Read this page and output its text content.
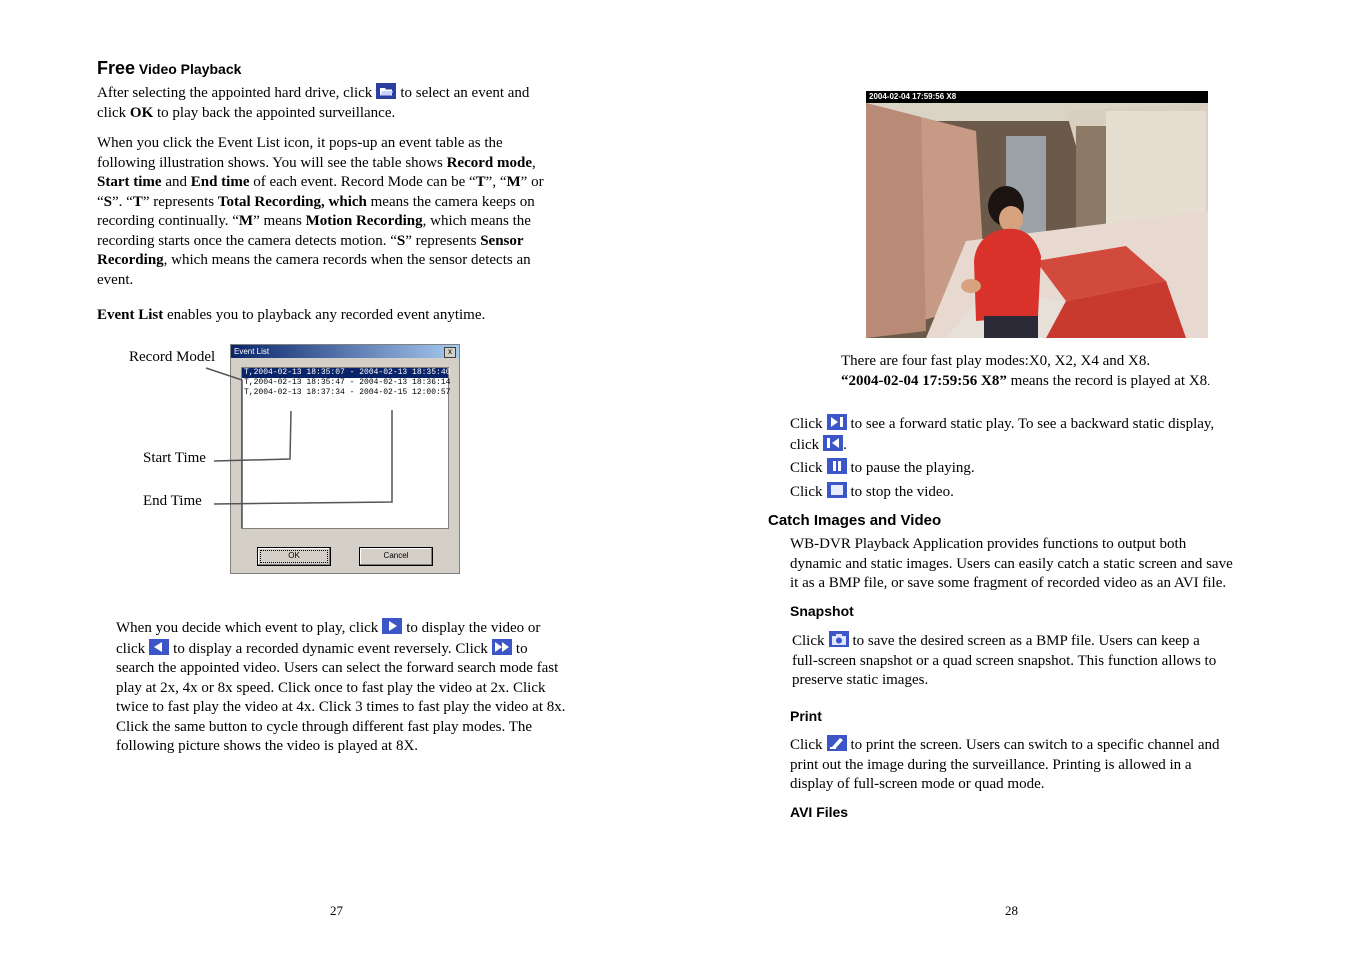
Free Video Playback

After selecting the appointed hard drive, click to select an event and

click OK to play back the appointed surveillance.

When you click the Event List icon, it pops-up an event table as the

following illustration shows. You will see the table shows Record mode,

Start time and End time of each event. Record Mode can be “T”, “M” or

“S”. “T” represents Total Recording, which means the camera keeps on

recording continually. “M” means Motion Recording, which means the

recording starts once the camera detects motion. “S” represents Sensor

Recording, which means the camera records when the sensor detects an

event.

Event List enables you to playback any recorded event anytime.

Record Model
Start Time
End Time
Event List	x
T,2004-02-13 18:35:07 - 2004-02-13 18:35:40
T,2004-02-13 18:35:47 - 2004-02-13 18:36:14
T,2004-02-13 18:37:34 - 2004-02-15 12:00:57
OK	Cancel

When you decide which event to play, click to display the video or

click to display a recorded dynamic event reversely. Click to

search the appointed video. Users can select the forward search mode fast

play at 2x, 4x or 8x speed. Click once to fast play the video at 2x. Click

twice to fast play the video at 4x. Click 3 times to fast play the video at 8x.

Click the same button to cycle through different fast play modes. The

following picture shows the video is played at 8X.

27
2004-02-04 17:59:56 X8

There are four fast play modes:X0, X2, X4 and X8.

“2004-02-04 17:59:56 X8” means the record is played at X8.

Click to see a forward static play. To see a backward static display,

click .

Click to pause the playing.

Click to stop the video.

Catch Images and Video

WB-DVR Playback Application provides functions to output both

dynamic and static images. Users can easily catch a static screen and save

it as a BMP file, or save some fragment of recorded video as an AVI file.

Snapshot

Click to save the desired screen as a BMP file. Users can keep a

full-screen snapshot or a quad screen snapshot. This function allows to

preserve static images.

Print

Click to print the screen. Users can switch to a specific channel and

print out the image during the surveillance. Printing is allowed in a

display of full-screen mode or quad mode.

AVI Files
28
